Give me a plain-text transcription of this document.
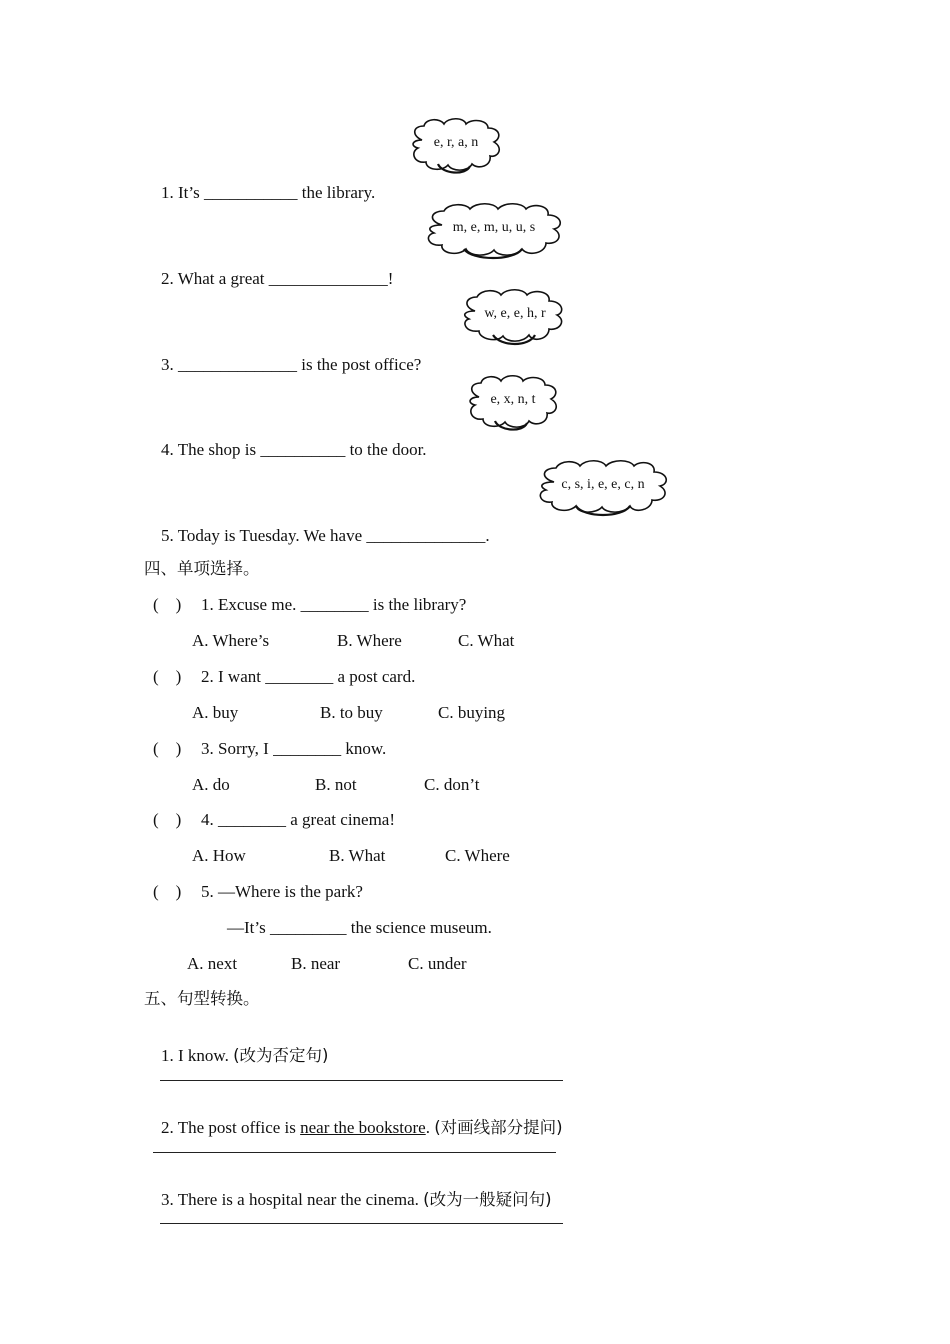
1. It’s ___________ the library.

e, r, a, n

2. What a great ______________!

m, e, m, u, u, s

3. ______________ is the post office?

w, e, e, h, r

4. The shop is __________ to the door.

e, x, n, t

5. Today is Tuesday. We have ______________.

c, s, i, e, e, c, n
四、单项选择。
(    ) 1. Excuse me. ________ is the library?
A. Where’s	B. Where	C. What
(    ) 2. I want ________ a post card.
A. buy	B. to buy	C. buying
(    ) 3. Sorry, I ________ know.
A. do	B. not	C. don’t
(    ) 4. ________ a great cinema!
A. How	B. What	C. Where
(    ) 5. —Where is the park?
—It’s _________ the science museum.
A. next	B. near	C. under
五、句型转换。

1. I know. (改为否定句)

2. The post office is near the bookstore. (对画线部分提问)

3. There is a hospital near the cinema. (改为一般疑问句)
